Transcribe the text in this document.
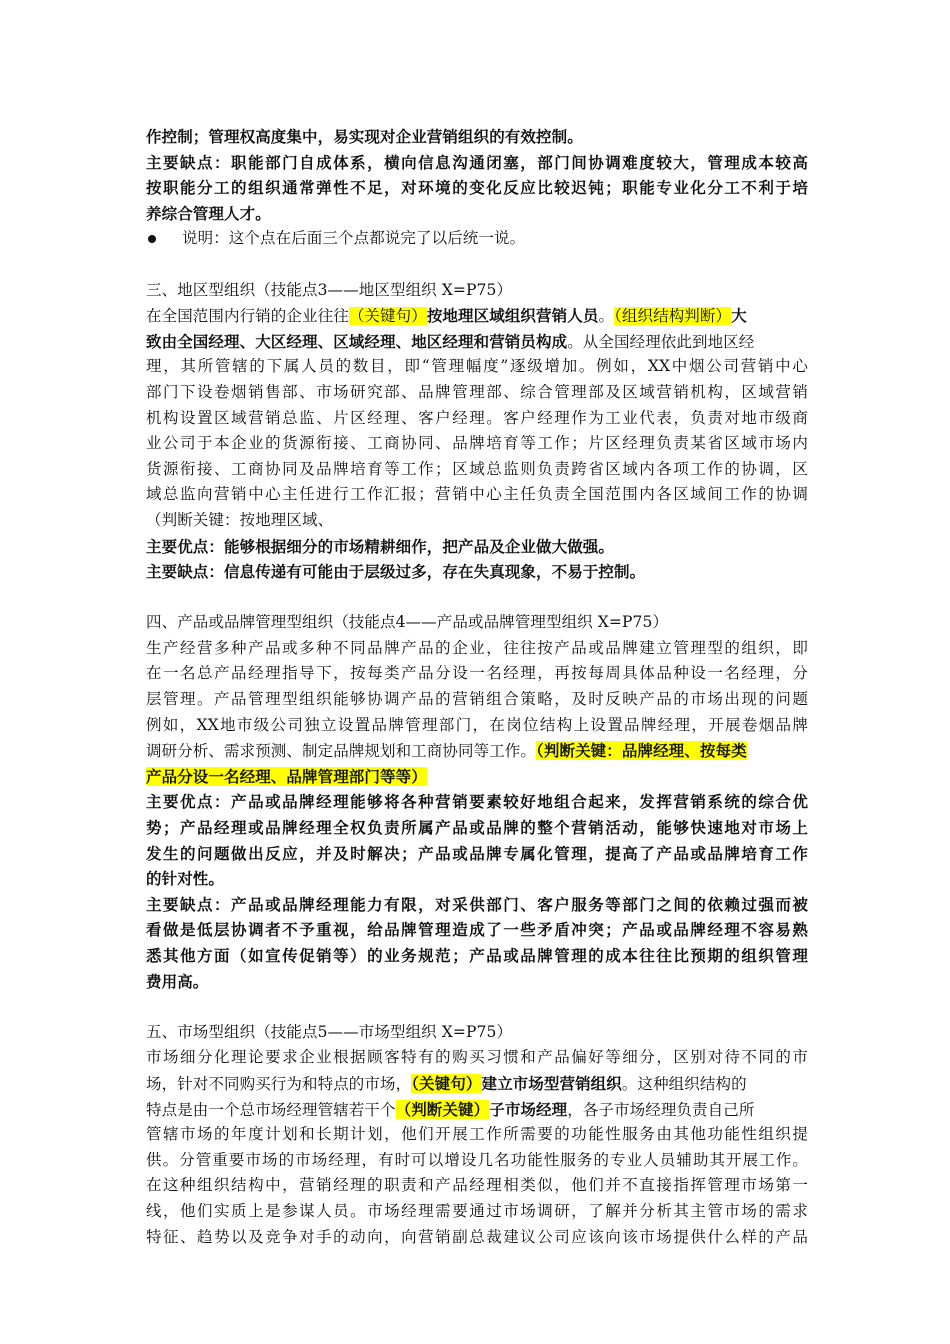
作控制；管理权高度集中，易实现对企业营销组织的有效控制。
主要缺点：职能部门自成体系，横向信息沟通闭塞，部门间协调难度较大，管理成本较高
按职能分工的组织通常弹性不足，对环境的变化反应比较迟钝；职能专业化分工不利于培
养综合管理人才。
说明：这个点在后面三个点都说完了以后统一说。
三、地区型组织（技能点3——地区型组织 X=P75）
在全国范围内行销的企业往往（关键句）按地理区域组织营销人员。（组织结构判断）大
致由全国经理、大区经理、区域经理、地区经理和营销员构成。从全国经理依此到地区经
理，其所管辖的下属人员的数目，即“管理幅度”逐级增加。例如，XX中烟公司营销中心
部门下设卷烟销售部、市场研究部、品牌管理部、综合管理部及区域营销机构，区域营销
机构设置区域营销总监、片区经理、客户经理。客户经理作为工业代表，负责对地市级商
业公司于本企业的货源衔接、工商协同、品牌培育等工作；片区经理负责某省区域市场内
货源衔接、工商协同及品牌培育等工作；区域总监则负责跨省区域内各项工作的协调，区
域总监向营销中心主任进行工作汇报；营销中心主任负责全国范围内各区域间工作的协调
（判断关键：按地理区域、
主要优点：能够根据细分的市场精耕细作，把产品及企业做大做强。
主要缺点：信息传递有可能由于层级过多，存在失真现象，不易于控制。
四、产品或品牌管理型组织（技能点4——产品或品牌管理型组织 X=P75）
生产经营多种产品或多种不同品牌产品的企业，往往按产品或品牌建立管理型的组织，即
在一名总产品经理指导下，按每类产品分设一名经理，再按每周具体品种设一名经理，分
层管理。产品管理型组织能够协调产品的营销组合策略，及时反映产品的市场出现的问题
例如，XX地市级公司独立设置品牌管理部门，在岗位结构上设置品牌经理，开展卷烟品牌
调研分析、需求预测、制定品牌规划和工商协同等工作。（判断关键：品牌经理、按每类
产品分设一名经理、品牌管理部门等等）
主要优点：产品或品牌经理能够将各种营销要素较好地组合起来，发挥营销系统的综合优
势；产品经理或品牌经理全权负责所属产品或品牌的整个营销活动，能够快速地对市场上
发生的问题做出反应，并及时解决；产品或品牌专属化管理，提高了产品或品牌培育工作
的针对性。
主要缺点：产品或品牌经理能力有限，对采供部门、客户服务等部门之间的依赖过强而被
看做是低层协调者不予重视，给品牌管理造成了一些矛盾冲突；产品或品牌经理不容易熟
悉其他方面（如宣传促销等）的业务规范；产品或品牌管理的成本往往比预期的组织管理
费用高。
五、市场型组织（技能点5——市场型组织 X=P75）
市场细分化理论要求企业根据顾客特有的购买习惯和产品偏好等细分，区别对待不同的市
场，针对不同购买行为和特点的市场，（关键句）建立市场型营销组织。这种组织结构的
特点是由一个总市场经理管辖若干个（判断关键）子市场经理，各子市场经理负责自己所
管辖市场的年度计划和长期计划，他们开展工作所需要的功能性服务由其他功能性组织提
供。分管重要市场的市场经理，有时可以增设几名功能性服务的专业人员辅助其开展工作。
在这种组织结构中，营销经理的职责和产品经理相类似，他们并不直接指挥管理市场第一
线，他们实质上是参谋人员。市场经理需要通过市场调研，了解并分析其主管市场的需求
特征、趋势以及竞争对手的动向，向营销副总裁建议公司应该向该市场提供什么样的产品
